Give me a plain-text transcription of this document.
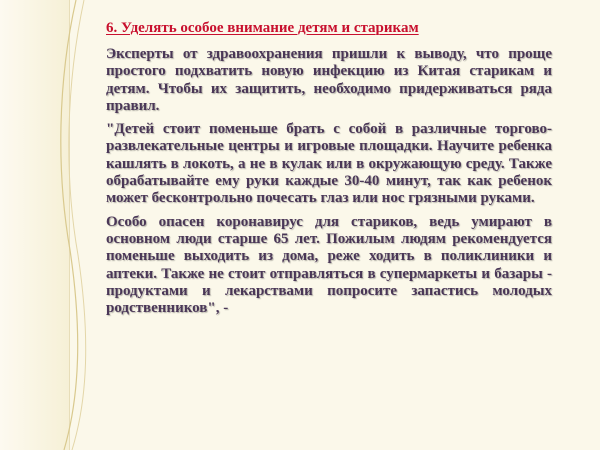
6. Уделять особое внимание детям и старикам

Эксперты от здравоохранения пришли к выводу, что проще простого подхватить новую инфекцию из Китая старикам и детям. Чтобы их защитить, необходимо придерживаться ряда правил.

"Детей стоит поменьше брать с собой в различные торгово-развлекательные центры и игровые площадки. Научите ребенка кашлять в локоть, а не в кулак или в окружающую среду. Также обрабатывайте ему руки каждые 30-40 минут, так как ребенок может бесконтрольно почесать глаз или нос грязными руками.

Особо опасен коронавирус для стариков, ведь умирают в основном люди старше 65 лет. Пожилым людям рекомендуется поменьше выходить из дома, реже ходить в поликлиники и аптеки. Также не стоит отправляться в супермаркеты и базары - продуктами и лекарствами попросите запастись молодых родственников", -
